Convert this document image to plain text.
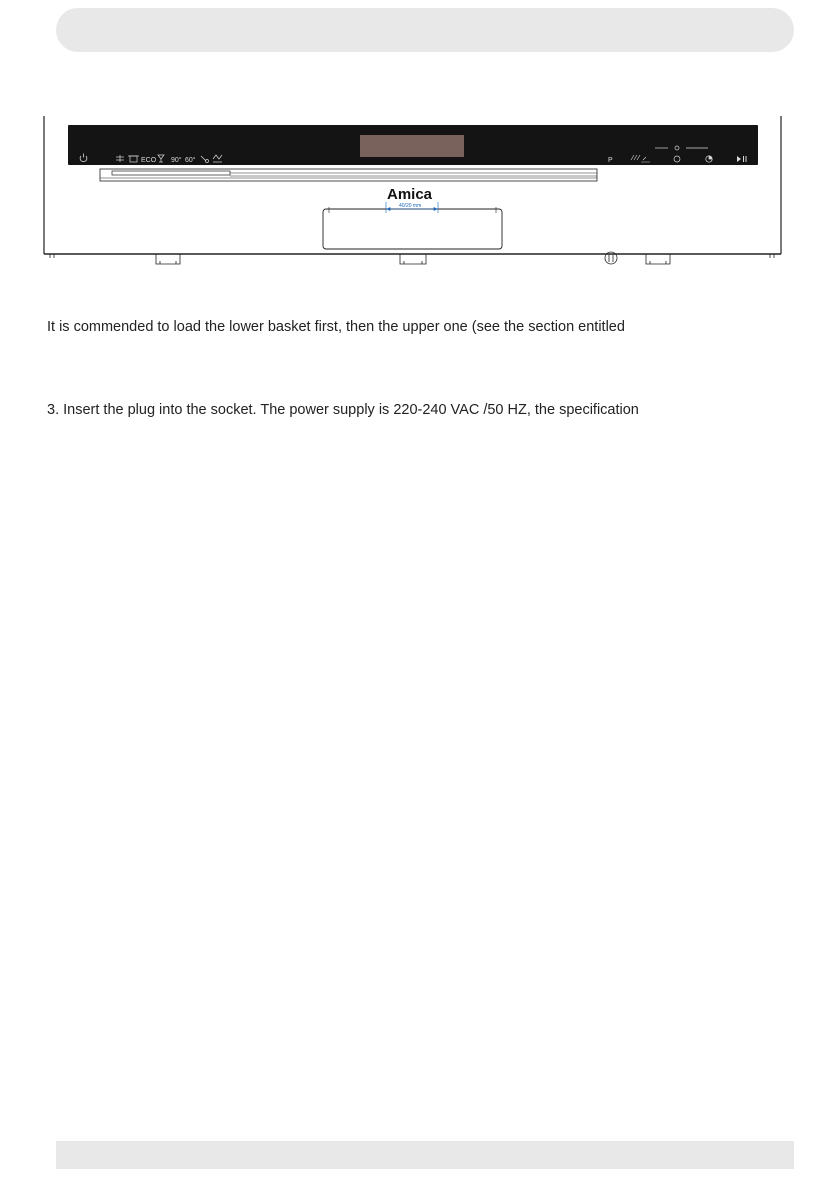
ECO 90° 60°	P
Amica
40/20 mm

It is commended to load the lower basket first, then the upper one (see the section entitled

3. Insert the plug into the socket. The power supply is 220-240 VAC /50 HZ, the specification
